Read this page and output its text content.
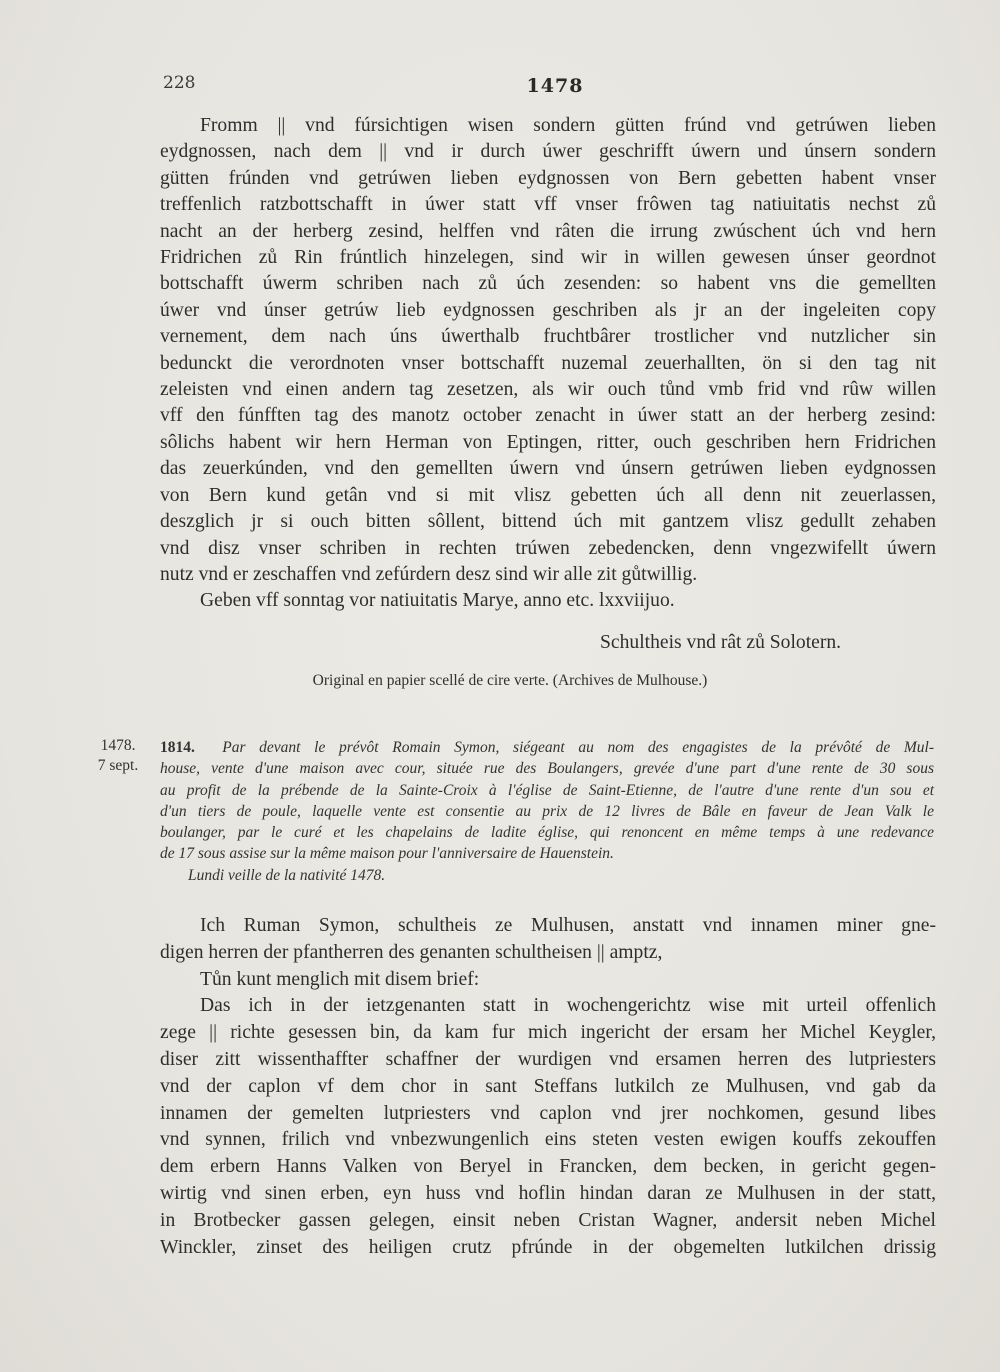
228	1478
Fromm || vnd fúrsichtigen wisen sondern gütten frúnd vnd getrúwen lieben
eydgnossen, nach dem || vnd ir durch úwer geschrifft úwern und únsern sondern
gütten frúnden vnd getrúwen lieben eydgnossen von Bern gebetten habent vnser
treffenlich ratzbottschafft in úwer statt vff vnser frôwen tag natiuitatis nechst zů
nacht an der herberg zesind, helffen vnd râten die irrung zwúschent úch vnd hern
Fridrichen zů Rin frúntlich hinzelegen, sind wir in willen gewesen únser geordnot
bottschafft úwerm schriben nach zů úch zesenden: so habent vns die gemellten
úwer vnd únser getrúw lieb eydgnossen geschriben als jr an der ingeleiten copy
vernement, dem nach úns úwerthalb fruchtbârer trostlicher vnd nutzlicher sin
bedunckt die verordnoten vnser bottschafft nuzemal zeuerhallten, ön si den tag nit
zeleisten vnd einen andern tag zesetzen, als wir ouch tůnd vmb frid vnd rûw willen
vff den fúnfften tag des manotz october zenacht in úwer statt an der herberg zesind:
sôlichs habent wir hern Herman von Eptingen, ritter, ouch geschriben hern Fridrichen
das zeuerkúnden, vnd den gemellten úwern vnd únsern getrúwen lieben eydgnossen
von Bern kund getân vnd si mit vlisz gebetten úch all denn nit zeuerlassen,
deszglich jr si ouch bitten sôllent, bittend úch mit gantzem vlisz gedullt zehaben
vnd disz vnser schriben in rechten trúwen zebedencken, denn vngezwifellt úwern
nutz vnd er zeschaffen vnd zefúrdern desz sind wir alle zit gůtwillig.
Geben vff sonntag vor natiuitatis Marye, anno etc. lxxviijuo.
Schultheis vnd rât zů Solotern.
Original en papier scellé de cire verte. (Archives de Mulhouse.)
1478.
7 sept.
1814. Par devant le prévôt Romain Symon, siégeant au nom des engagistes de la prévôté de Mul-
house, vente d'une maison avec cour, située rue des Boulangers, grevée d'une part d'une rente de 30 sous
au profit de la prébende de la Sainte-Croix à l'église de Saint-Etienne, de l'autre d'une rente d'un sou et
d'un tiers de poule, laquelle vente est consentie au prix de 12 livres de Bâle en faveur de Jean Valk le
boulanger, par le curé et les chapelains de ladite église, qui renoncent en même temps à une redevance
de 17 sous assise sur la même maison pour l'anniversaire de Hauenstein.
Lundi veille de la nativité 1478.
Ich Ruman Symon, schultheis ze Mulhusen, anstatt vnd innamen miner gne-
digen herren der pfantherren des genanten schultheisen || amptz,
Tůn kunt menglich mit disem brief:
Das ich in der ietzgenanten statt in wochengerichtz wise mit urteil offenlich
zege || richte gesessen bin, da kam fur mich ingericht der ersam her Michel Keygler,
diser zitt wissenthaffter schaffner der wurdigen vnd ersamen herren des lutpriesters
vnd der caplon vf dem chor in sant Steffans lutkilch ze Mulhusen, vnd gab da
innamen der gemelten lutpriesters vnd caplon vnd jrer nochkomen, gesund libes
vnd synnen, frilich vnd vnbezwungenlich eins steten vesten ewigen kouffs zekouffen
dem erbern Hanns Valken von Beryel in Francken, dem becken, in gericht gegen-
wirtig vnd sinen erben, eyn huss vnd hoflin hindan daran ze Mulhusen in der statt,
in Brotbecker gassen gelegen, einsit neben Cristan Wagner, andersit neben Michel
Winckler, zinset des heiligen crutz pfrúnde in der obgemelten lutkilchen drissig
